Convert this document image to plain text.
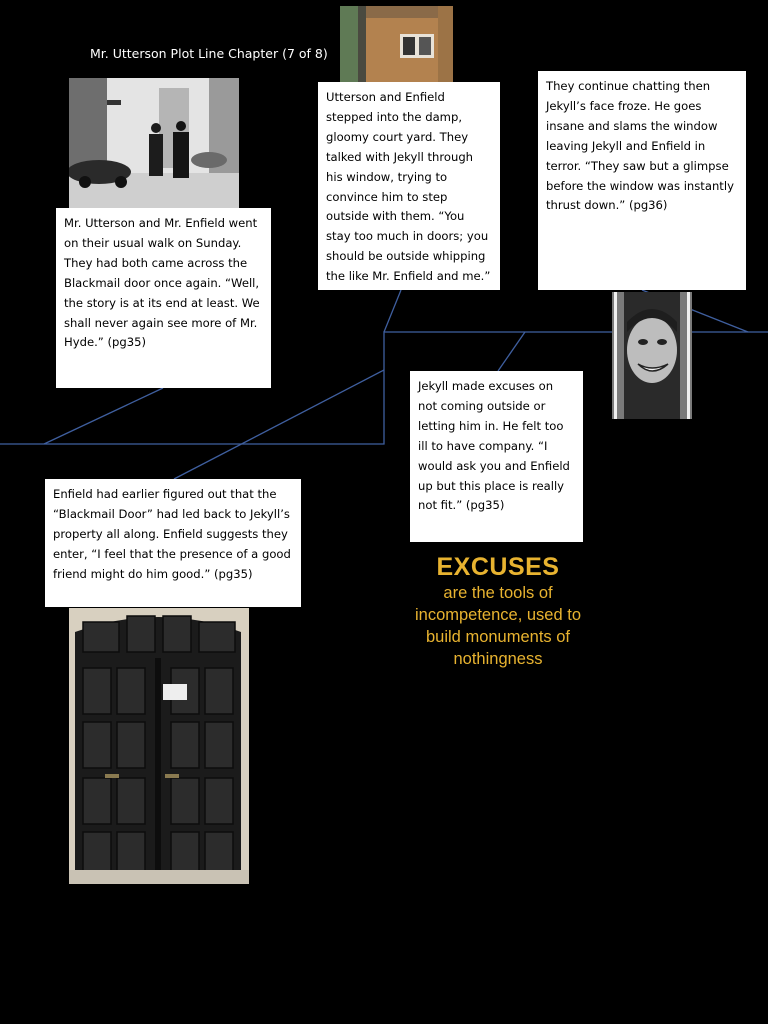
Mr. Utterson Plot Line Chapter (7 of 8)
Mr. Utterson and Mr. Enfield went on their usual walk on Sunday. They had both came across the Blackmail door once again. “Well, the story is at its end at least. We shall never again see more of Mr. Hyde.” (pg35)
Utterson and Enfield stepped into the damp, gloomy court yard. They talked with Jekyll through his window, trying to convince him to step outside with them. “You stay too much in doors; you should be outside whipping the like Mr. Enfield and me.” (pg35)
They continue chatting then Jekyll’s face froze. He goes insane and slams the window leaving Jekyll and Enfield in terror. “They saw but a glimpse before the window was instantly thrust down.” (pg36)
Jekyll made excuses on not coming outside or letting him in. He felt too ill to have company. “I would ask you and Enfield up but this place is really not fit.” (pg35)
Enfield had earlier figured out that the “Blackmail Door” had led back to Jekyll’s property all along. Enfield suggests they enter, “I feel that the presence of a good friend might do him good.” (pg35)	EXCUSES
are the tools of incompetence, used to build monuments of nothingness
